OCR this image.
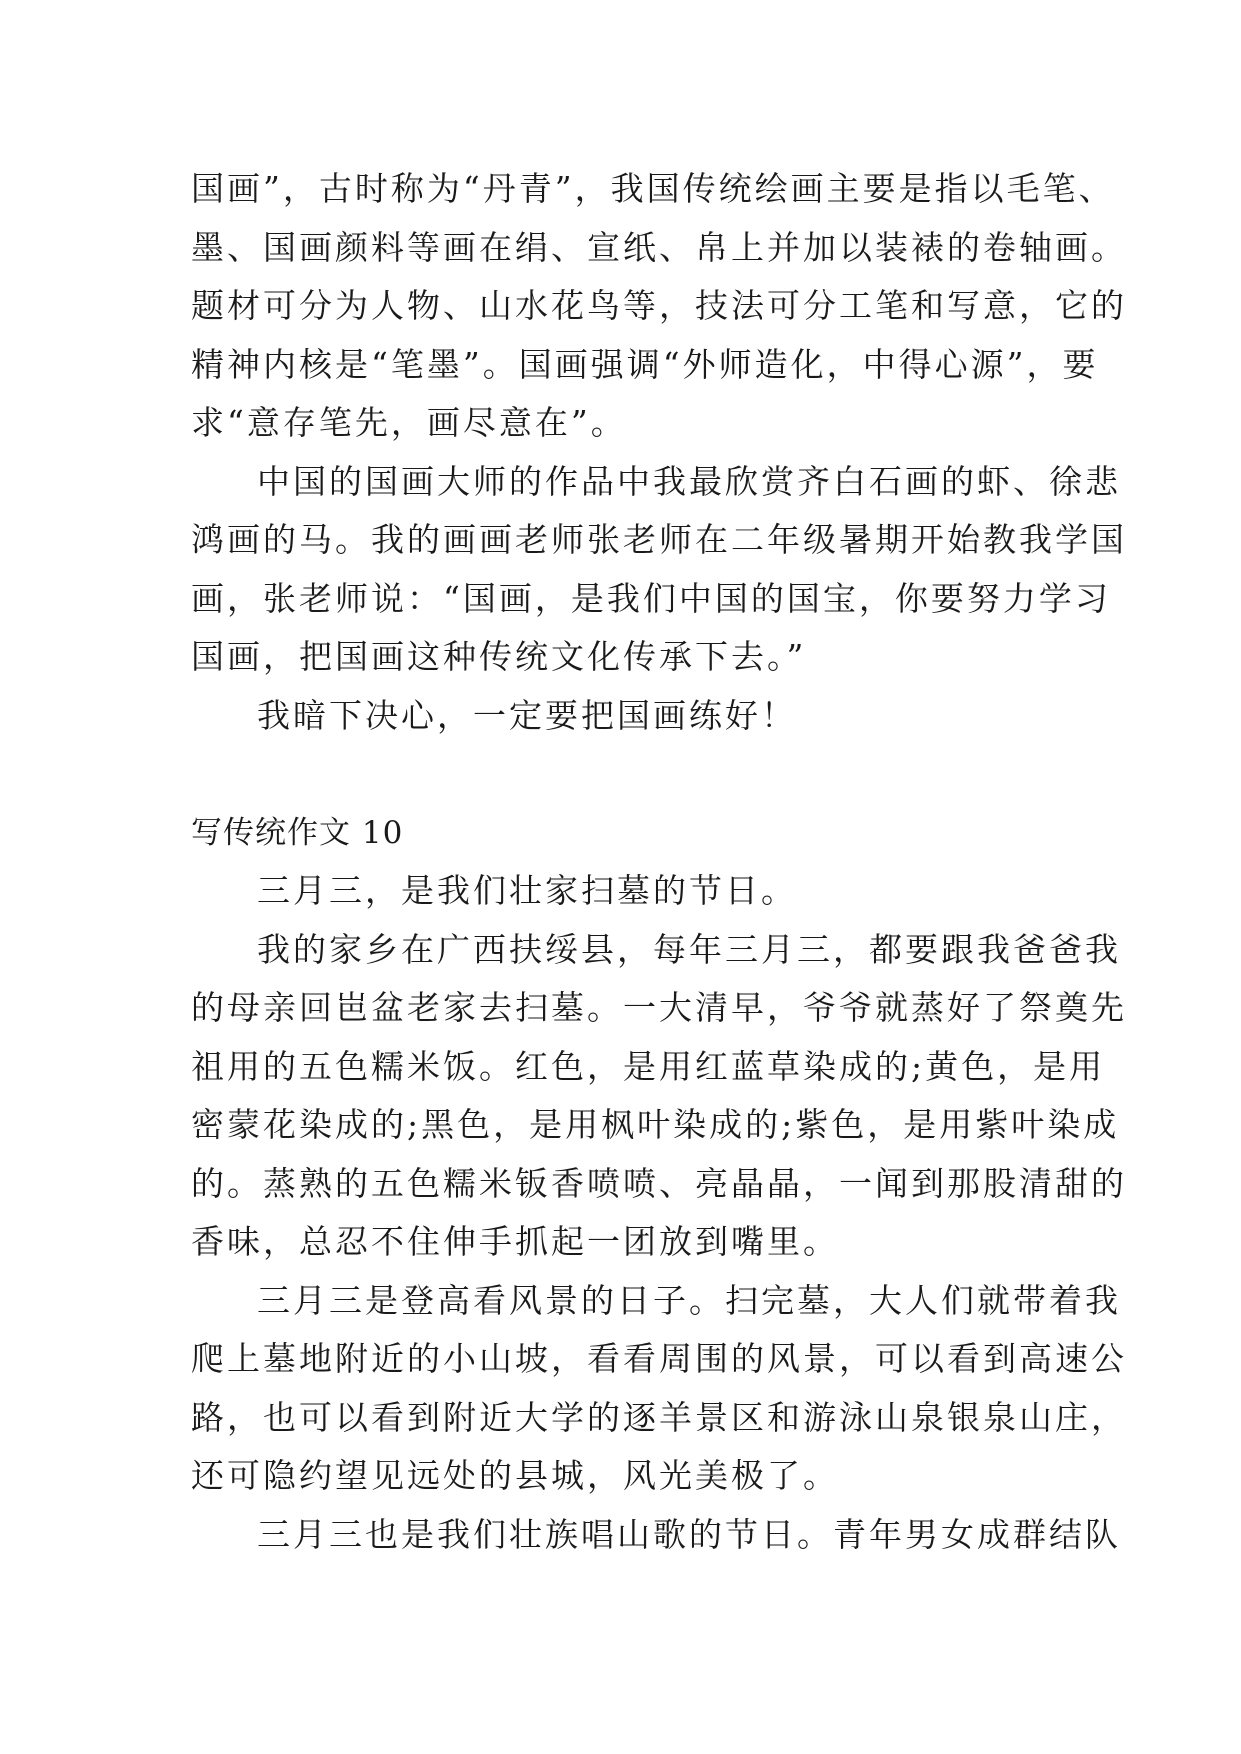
国画”，古时称为“丹青”，我国传统绘画主要是指以毛笔、
墨、国画颜料等画在绢、宣纸、帛上并加以装裱的卷轴画。
题材可分为人物、山水花鸟等，技法可分工笔和写意，它的
精神内核是“笔墨”。国画强调“外师造化，中得心源”，要
求“意存笔先，画尽意在”。
中国的国画大师的作品中我最欣赏齐白石画的虾、徐悲
鸿画的马。我的画画老师张老师在二年级暑期开始教我学国
画，张老师说：“国画，是我们中国的国宝，你要努力学习
国画，把国画这种传统文化传承下去。”
我暗下决心，一定要把国画练好！
写传统作文 10
三月三，是我们壮家扫墓的节日。
我的家乡在广西扶绥县，每年三月三，都要跟我爸爸我
的母亲回岜盆老家去扫墓。一大清早，爷爷就蒸好了祭奠先
祖用的五色糯米饭。红色，是用红蓝草染成的;黄色，是用
密蒙花染成的;黑色，是用枫叶染成的;紫色，是用紫叶染成
的。蒸熟的五色糯米钣香喷喷、亮晶晶，一闻到那股清甜的
香味，总忍不住伸手抓起一团放到嘴里。
三月三是登高看风景的日子。扫完墓，大人们就带着我
爬上墓地附近的小山坡，看看周围的风景，可以看到高速公
路，也可以看到附近大学的逐羊景区和游泳山泉银泉山庄，
还可隐约望见远处的县城，风光美极了。
三月三也是我们壮族唱山歌的节日。青年男女成群结队
